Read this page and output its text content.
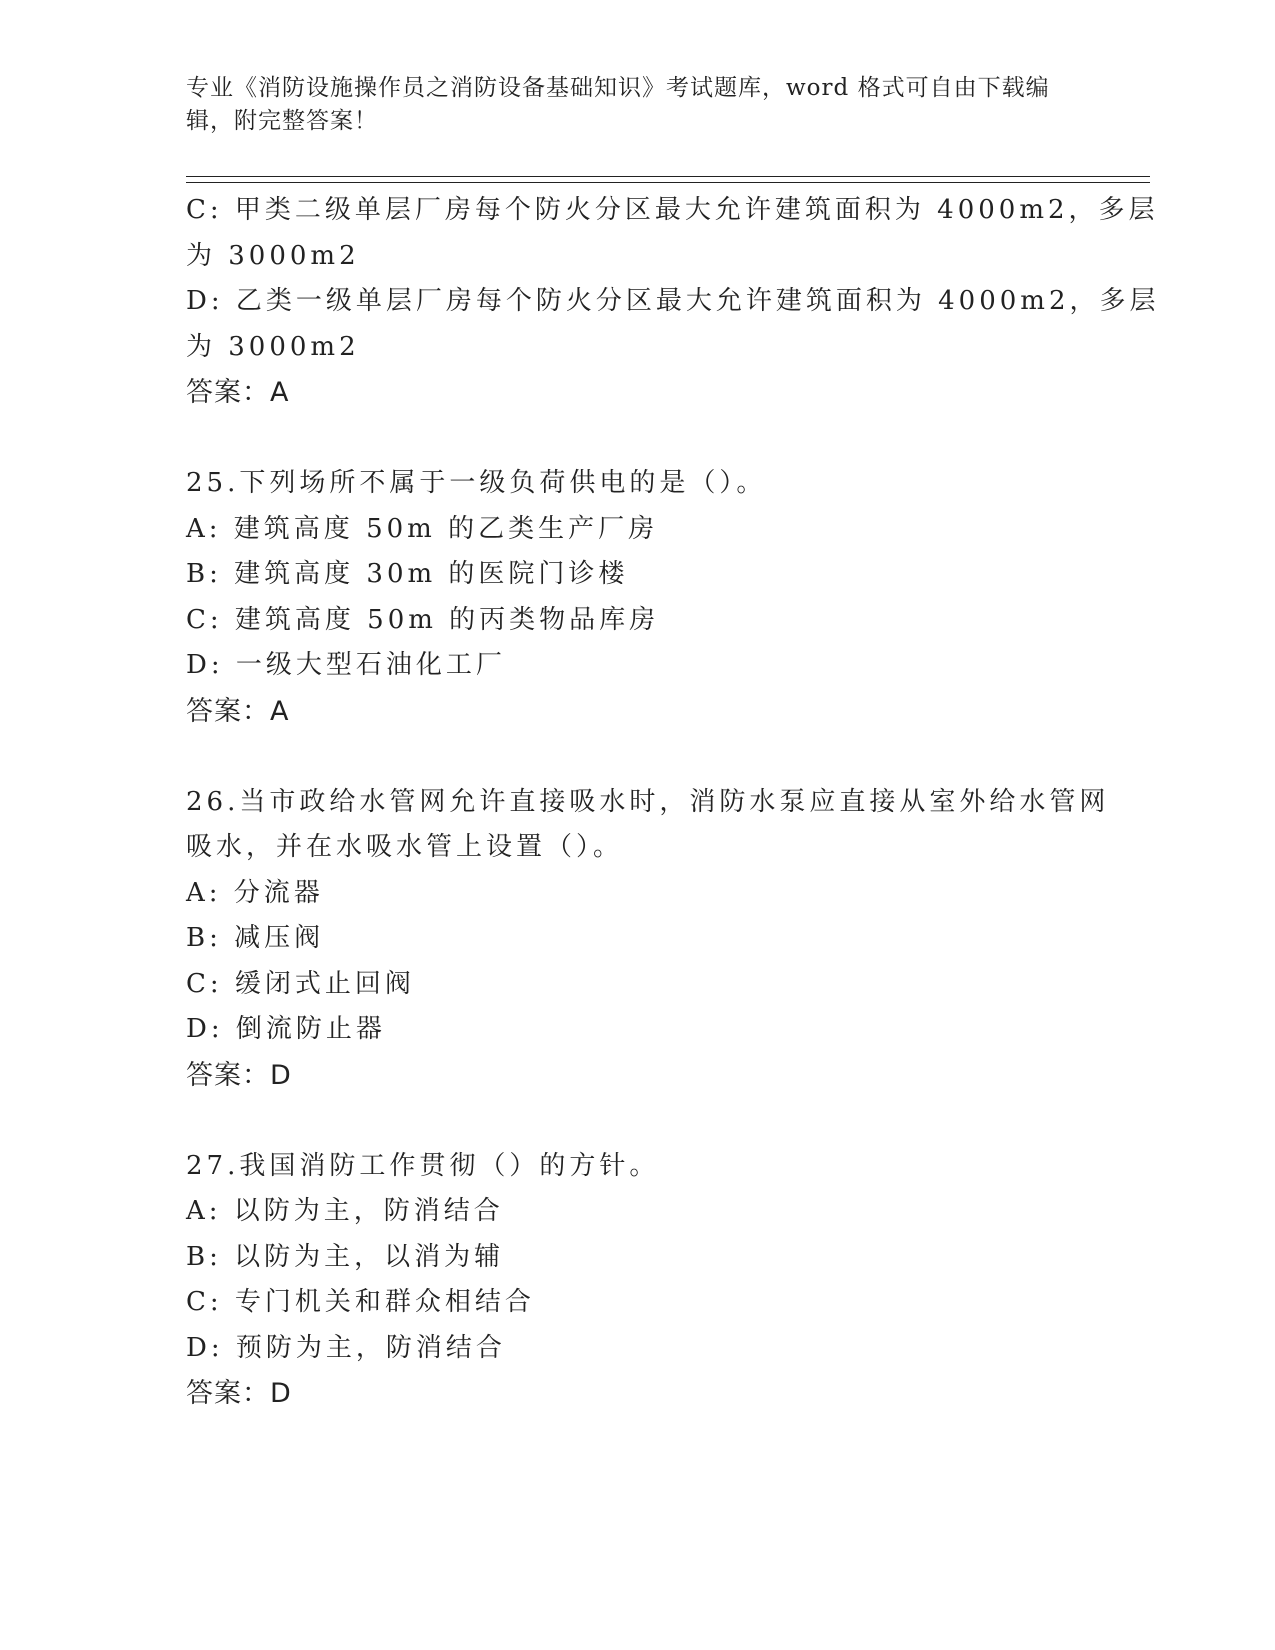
专业《消防设施操作员之消防设备基础知识》考试题库，word 格式可自由下载编辑，附完整答案！
C: 甲类二级单层厂房每个防火分区最大允许建筑面积为 4000m2，多层
为 3000m2
D: 乙类一级单层厂房每个防火分区最大允许建筑面积为 4000m2，多层
为 3000m2
答案：A
25.下列场所不属于一级负荷供电的是（）。
A: 建筑高度 50m 的乙类生产厂房
B: 建筑高度 30m 的医院门诊楼
C: 建筑高度 50m 的丙类物品库房
D: 一级大型石油化工厂
答案：A
26.当市政给水管网允许直接吸水时，消防水泵应直接从室外给水管网
吸水，并在水吸水管上设置（）。
A: 分流器
B: 减压阀
C: 缓闭式止回阀
D: 倒流防止器
答案：D
27.我国消防工作贯彻（）的方针。
A: 以防为主，防消结合
B: 以防为主，以消为辅
C: 专门机关和群众相结合
D: 预防为主，防消结合
答案：D
